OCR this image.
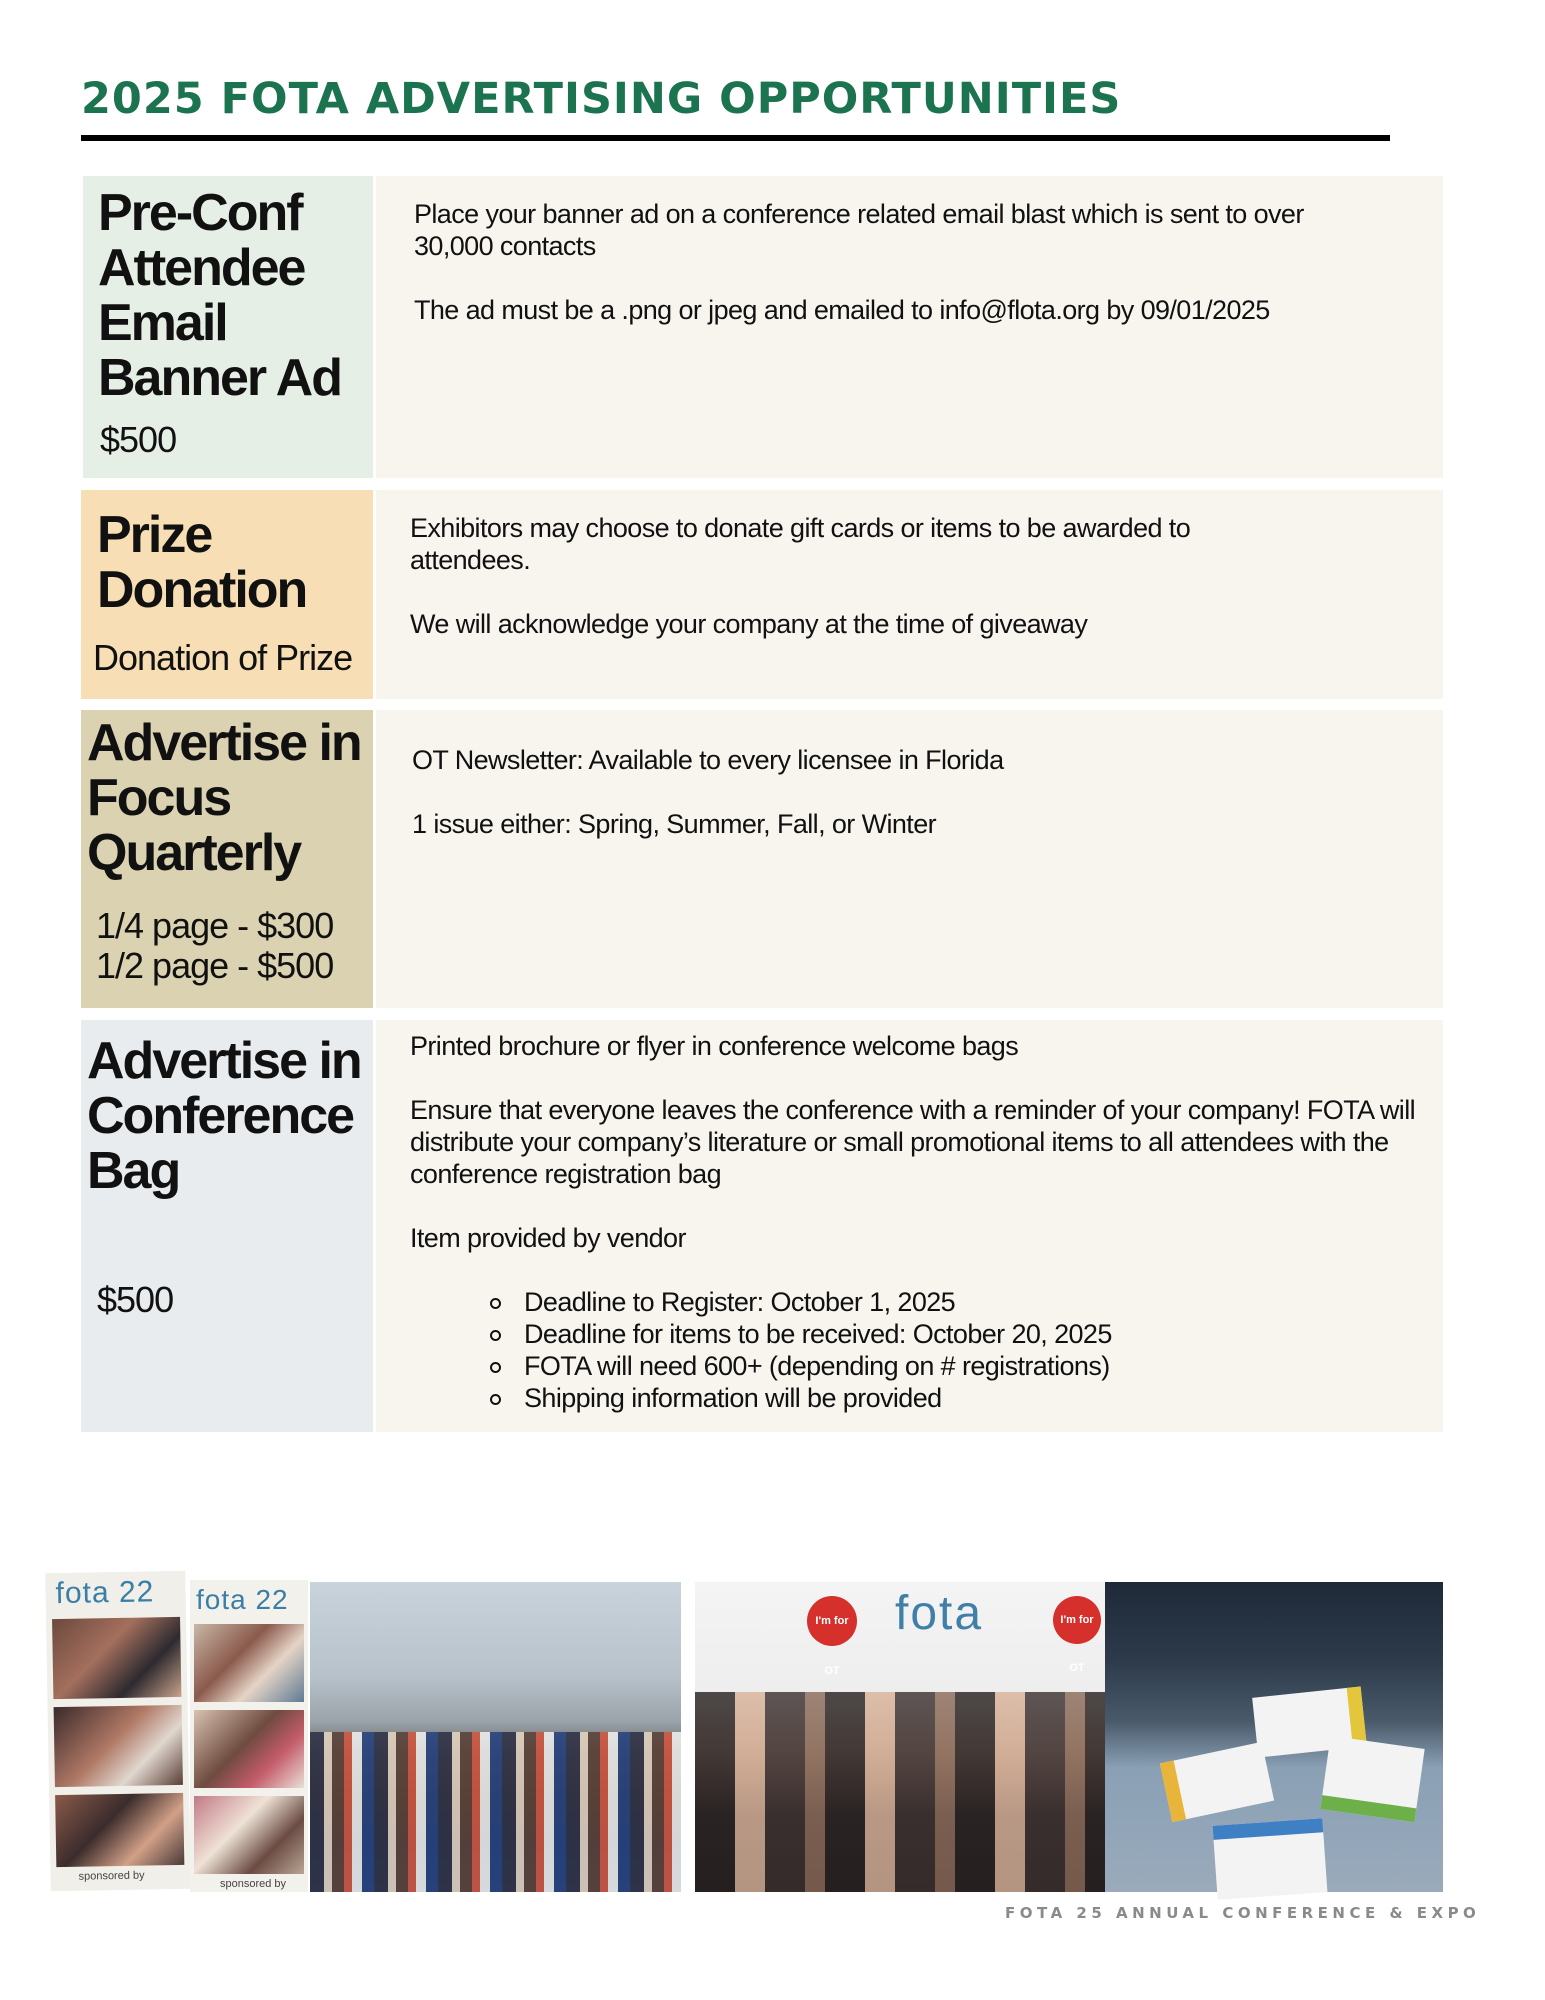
2025 FOTA ADVERTISING OPPORTUNITIES
Pre-Conf
Attendee
Email
Banner Ad
$500

Place your banner ad on a conference related email blast which is sent to over 30,000 contacts

The ad must be a .png or jpeg and emailed to info@flota.org by 09/01/2025

Prize
Donation
Donation of Prize

Exhibitors may choose to donate gift cards or items to be awarded to attendees.

We will acknowledge your company at the time of giveaway

Advertise in
Focus
Quarterly
1/4 page - $300
1/2 page - $500

OT Newsletter: Available to every licensee in Florida

1 issue either: Spring, Summer, Fall, or Winter

Advertise in
Conference
Bag
$500

Printed brochure or flyer in conference welcome bags

Ensure that everyone leaves the conference with a reminder of your company! FOTA will distribute your company’s literature or small promotional items to all attendees with the conference registration bag

Item provided by vendor

Deadline to Register: October 1, 2025
Deadline for items to be received: October 20, 2025
FOTA will need 600+ (depending on # registrations)
Shipping information will be provided
fota 22
sponsored by
fota 22
sponsored by
fota
I'm for OT
I'm for OT
FOTA 25 ANNUAL CONFERENCE & EXPO
